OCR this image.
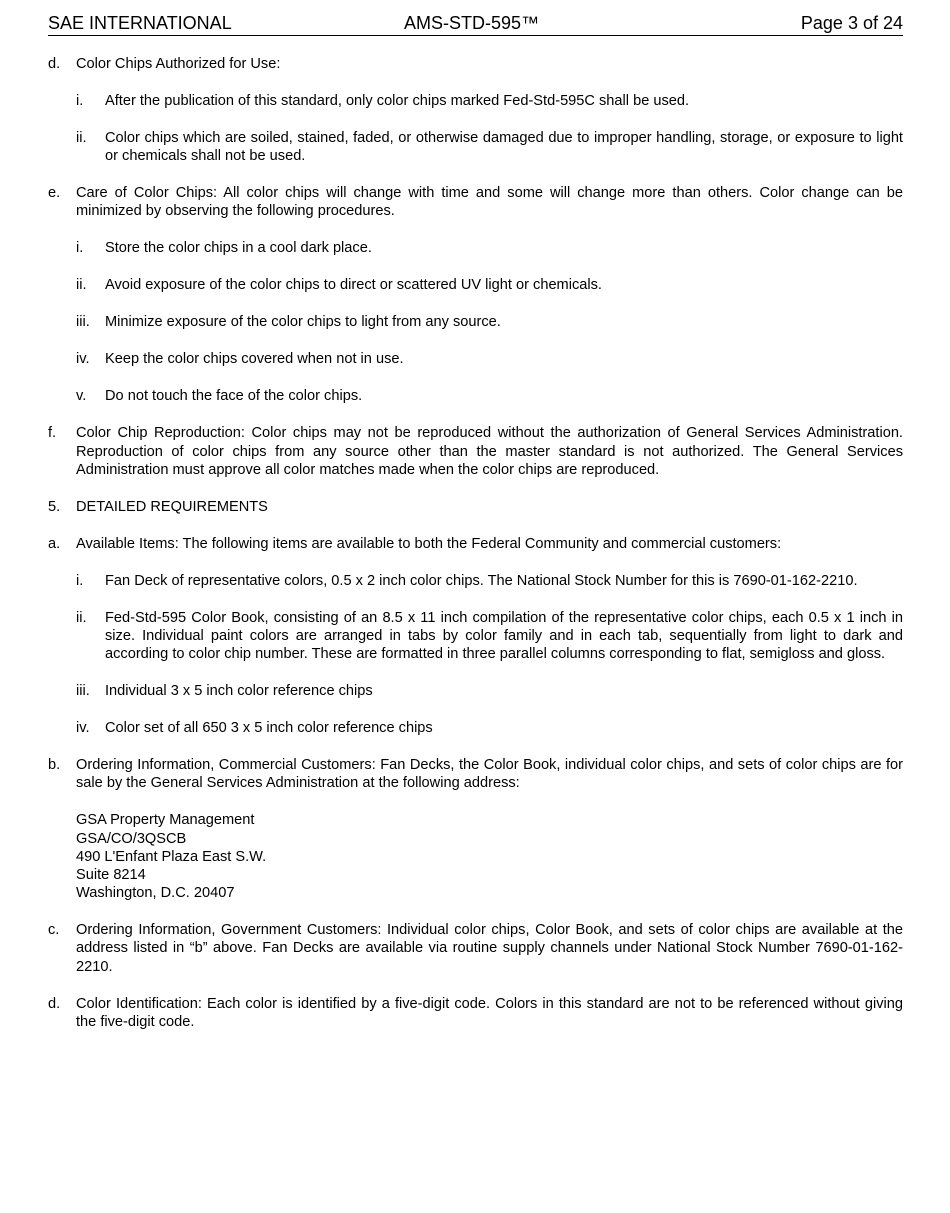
SAE INTERNATIONAL	AMS-STD-595™	Page 3 of 24
d. Color Chips Authorized for Use:
i. After the publication of this standard, only color chips marked Fed-Std-595C shall be used.
ii. Color chips which are soiled, stained, faded, or otherwise damaged due to improper handling, storage, or exposure to light or chemicals shall not be used.
e. Care of Color Chips: All color chips will change with time and some will change more than others. Color change can be minimized by observing the following procedures.
i. Store the color chips in a cool dark place.
ii. Avoid exposure of the color chips to direct or scattered UV light or chemicals.
iii. Minimize exposure of the color chips to light from any source.
iv. Keep the color chips covered when not in use.
v. Do not touch the face of the color chips.
f. Color Chip Reproduction: Color chips may not be reproduced without the authorization of General Services Administration. Reproduction of color chips from any source other than the master standard is not authorized. The General Services Administration must approve all color matches made when the color chips are reproduced.
5. DETAILED REQUIREMENTS
a. Available Items: The following items are available to both the Federal Community and commercial customers:
i. Fan Deck of representative colors, 0.5 x 2 inch color chips. The National Stock Number for this is 7690-01-162-2210.
ii. Fed-Std-595 Color Book, consisting of an 8.5 x 11 inch compilation of the representative color chips, each 0.5 x 1 inch in size. Individual paint colors are arranged in tabs by color family and in each tab, sequentially from light to dark and according to color chip number. These are formatted in three parallel columns corresponding to flat, semigloss and gloss.
iii. Individual 3 x 5 inch color reference chips
iv. Color set of all 650 3 x 5 inch color reference chips
b. Ordering Information, Commercial Customers: Fan Decks, the Color Book, individual color chips, and sets of color chips are for sale by the General Services Administration at the following address:
GSA Property Management
GSA/CO/3QSCB
490 L'Enfant Plaza East S.W.
Suite 8214
Washington, D.C. 20407
c. Ordering Information, Government Customers: Individual color chips, Color Book, and sets of color chips are available at the address listed in “b” above. Fan Decks are available via routine supply channels under National Stock Number 7690-01-162-2210.
d. Color Identification: Each color is identified by a five-digit code. Colors in this standard are not to be referenced without giving the five-digit code.
